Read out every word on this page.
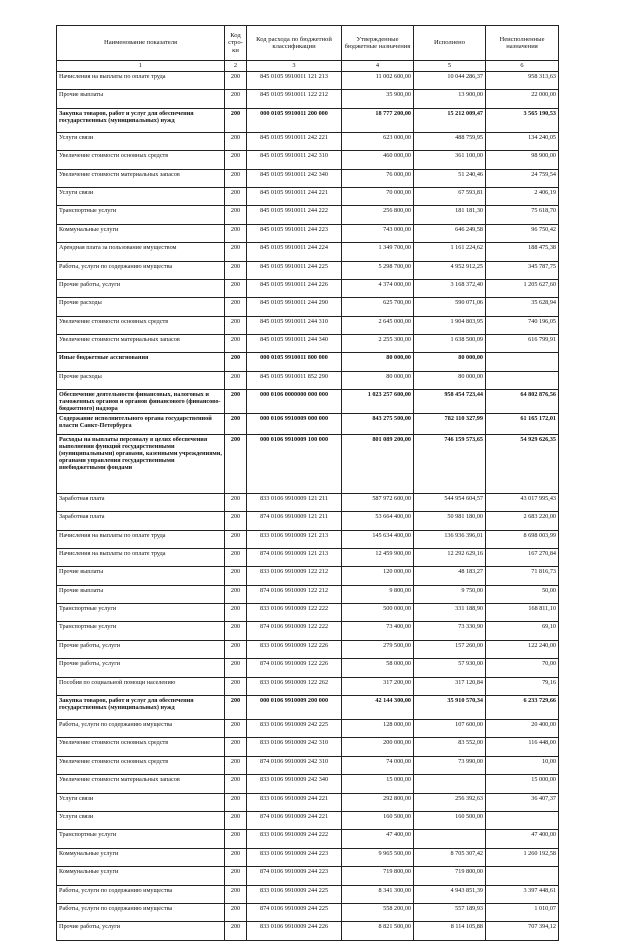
Наименование показателя	Код стро-ки	Код расхода по бюджетной классификации	Утвержденные бюджетные назначения	Исполнено	Неисполненные назначения
1	2	3	4	5	6
Начисления на выплаты по оплате труда	200	845 0105 9910011 121 213	11 002 600,00	10 044 286,37	958 313,63
Прочие выплаты	200	845 0105 9910011 122 212	35 900,00	13 900,00	22 000,00
Закупка товаров, работ и услуг для обеспечения государственных (муниципальных) нужд	200	000 0105 9910011 200 000	18 777 200,00	15 212 009,47	3 565 190,53
Услуги связи	200	845 0105 9910011 242 221	623 000,00	488 759,95	134 240,05
Увеличение стоимости основных средств	200	845 0105 9910011 242 310	460 000,00	361 100,00	98 900,00
Увеличение стоимости материальных запасов	200	845 0105 9910011 242 340	76 000,00	51 240,46	24 759,54
Услуги связи	200	845 0105 9910011 244 221	70 000,00	67 593,81	2 406,19
Транспортные услуги	200	845 0105 9910011 244 222	256 800,00	181 181,30	75 618,70
Коммунальные услуги	200	845 0105 9910011 244 223	743 000,00	646 249,58	96 750,42
Арендная плата за пользование имуществом	200	845 0105 9910011 244 224	1 349 700,00	1 161 224,62	188 475,38
Работы, услуги по содержанию имущества	200	845 0105 9910011 244 225	5 298 700,00	4 952 912,25	345 787,75
Прочие работы, услуги	200	845 0105 9910011 244 226	4 374 000,00	3 168 372,40	1 205 627,60
Прочие расходы	200	845 0105 9910011 244 290	625 700,00	590 071,06	35 628,94
Увеличение стоимости основных средств	200	845 0105 9910011 244 310	2 645 000,00	1 904 803,95	740 196,05
Увеличение стоимости материальных запасов	200	845 0105 9910011 244 340	2 255 300,00	1 638 500,09	616 799,91
Иные бюджетные ассигнования	200	000 0105 9910011 800 000	80 000,00	80 000,00	
Прочие расходы	200	845 0105 9910011 852 290	80 000,00	80 000,00	
Обеспечение деятельности финансовых, налоговых и таможенных органов и органов финансового (финансово-бюджетного) надзора	200	000 0106 0000000 000 000	1 023 257 600,00	958 454 723,44	64 802 876,56
Содержание исполнительного органа государственной власти Санкт-Петербурга	200	000 0106 9910009 000 000	843 275 500,00	782 110 327,99	61 165 172,01
Расходы на выплаты персоналу в целях обеспечения выполнения функций государственными (муниципальными) органами, казенными учреждениями, органами управления государственными внебюджетными фондами	200	000 0106 9910009 100 000	801 089 200,00	746 159 573,65	54 929 626,35
Заработная плата	200	833 0106 9910009 121 211	587 972 600,00	544 954 604,57	43 017 995,43
Заработная плата	200	874 0106 9910009 121 211	53 664 400,00	50 981 180,00	2 683 220,00
Начисления на выплаты по оплате труда	200	833 0106 9910009 121 213	145 634 400,00	136 936 396,01	8 698 003,99
Начисления на выплаты по оплате труда	200	874 0106 9910009 121 213	12 459 900,00	12 292 629,16	167 270,84
Прочие выплаты	200	833 0106 9910009 122 212	120 000,00	48 183,27	71 816,73
Прочие выплаты	200	874 0106 9910009 122 212	9 800,00	9 750,00	50,00
Транспортные услуги	200	833 0106 9910009 122 222	500 000,00	331 188,90	168 811,10
Транспортные услуги	200	874 0106 9910009 122 222	73 400,00	73 330,90	69,10
Прочие работы, услуги	200	833 0106 9910009 122 226	279 500,00	157 260,00	122 240,00
Прочие работы, услуги	200	874 0106 9910009 122 226	58 000,00	57 930,00	70,00
Пособия по социальной помощи населению	200	833 0106 9910009 122 262	317 200,00	317 120,84	79,16
Закупка товаров, работ и услуг для обеспечения государственных (муниципальных) нужд	200	000 0106 9910009 200 000	42 144 300,00	35 910 570,34	6 233 729,66
Работы, услуги по содержанию имущества	200	833 0106 9910009 242 225	128 000,00	107 600,00	20 400,00
Увеличение стоимости основных средств	200	833 0106 9910009 242 310	200 000,00	83 552,00	116 448,00
Увеличение стоимости основных средств	200	874 0106 9910009 242 310	74 000,00	73 990,00	10,00
Увеличение стоимости материальных запасов	200	833 0106 9910009 242 340	15 000,00		15 000,00
Услуги связи	200	833 0106 9910009 244 221	292 800,00	256 392,63	36 407,37
Услуги связи	200	874 0106 9910009 244 221	160 500,00	160 500,00	
Транспортные услуги	200	833 0106 9910009 244 222	47 400,00		47 400,00
Коммунальные услуги	200	833 0106 9910009 244 223	9 965 500,00	8 705 307,42	1 260 192,58
Коммунальные услуги	200	874 0106 9910009 244 223	719 800,00	719 800,00	
Работы, услуги по содержанию имущества	200	833 0106 9910009 244 225	8 341 300,00	4 943 851,39	3 397 448,61
Работы, услуги по содержанию имущества	200	874 0106 9910009 244 225	558 200,00	557 189,93	1 010,07
Прочие работы, услуги	200	833 0106 9910009 244 226	8 821 500,00	8 114 105,88	707 394,12
